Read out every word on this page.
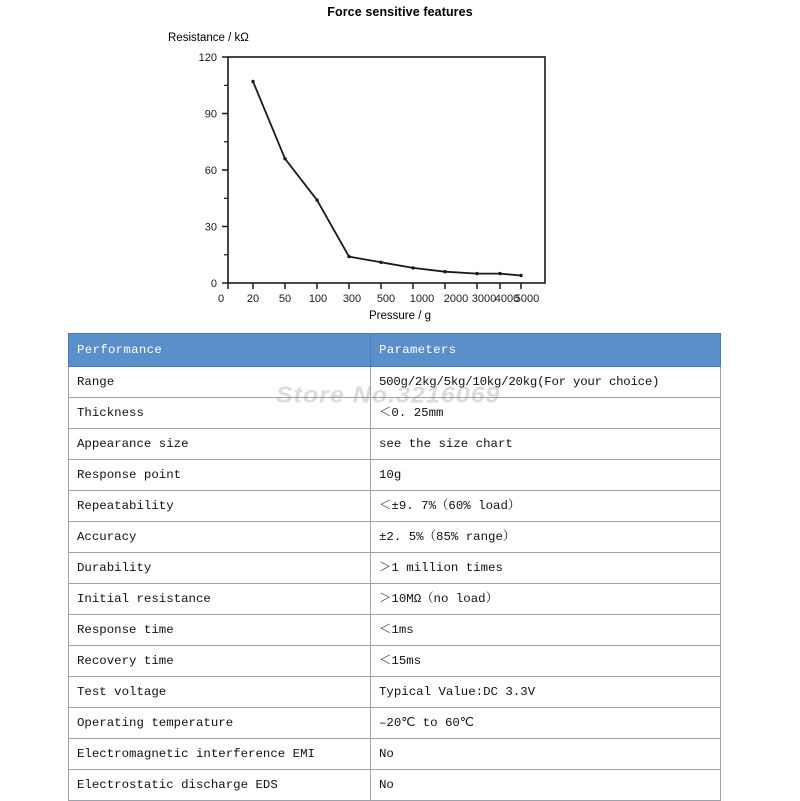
Force sensitive features
Resistance / kΩ
Pressure / g
120
90
60
30
0
0 20 50 100 300 500 1000 2000 3000
4000
5000
Performance	Parameters
Range	500g/2kg/5kg/10kg/20kg(For your choice)
Thickness	＜0. 25mm
Appearance size	see the size chart
Response point	10g
Repeatability	＜±9. 7%（60% load）
Accuracy	±2. 5%（85% range）
Durability	＞1 million times
Initial resistance	＞10MΩ（no load）
Response time	＜1ms
Recovery time	＜15ms
Test voltage	Typical Value:DC 3.3V
Operating temperature	–20℃ to 60℃
Electromagnetic interference EMI	No
Electrostatic discharge EDS	No
Store No.3216069
